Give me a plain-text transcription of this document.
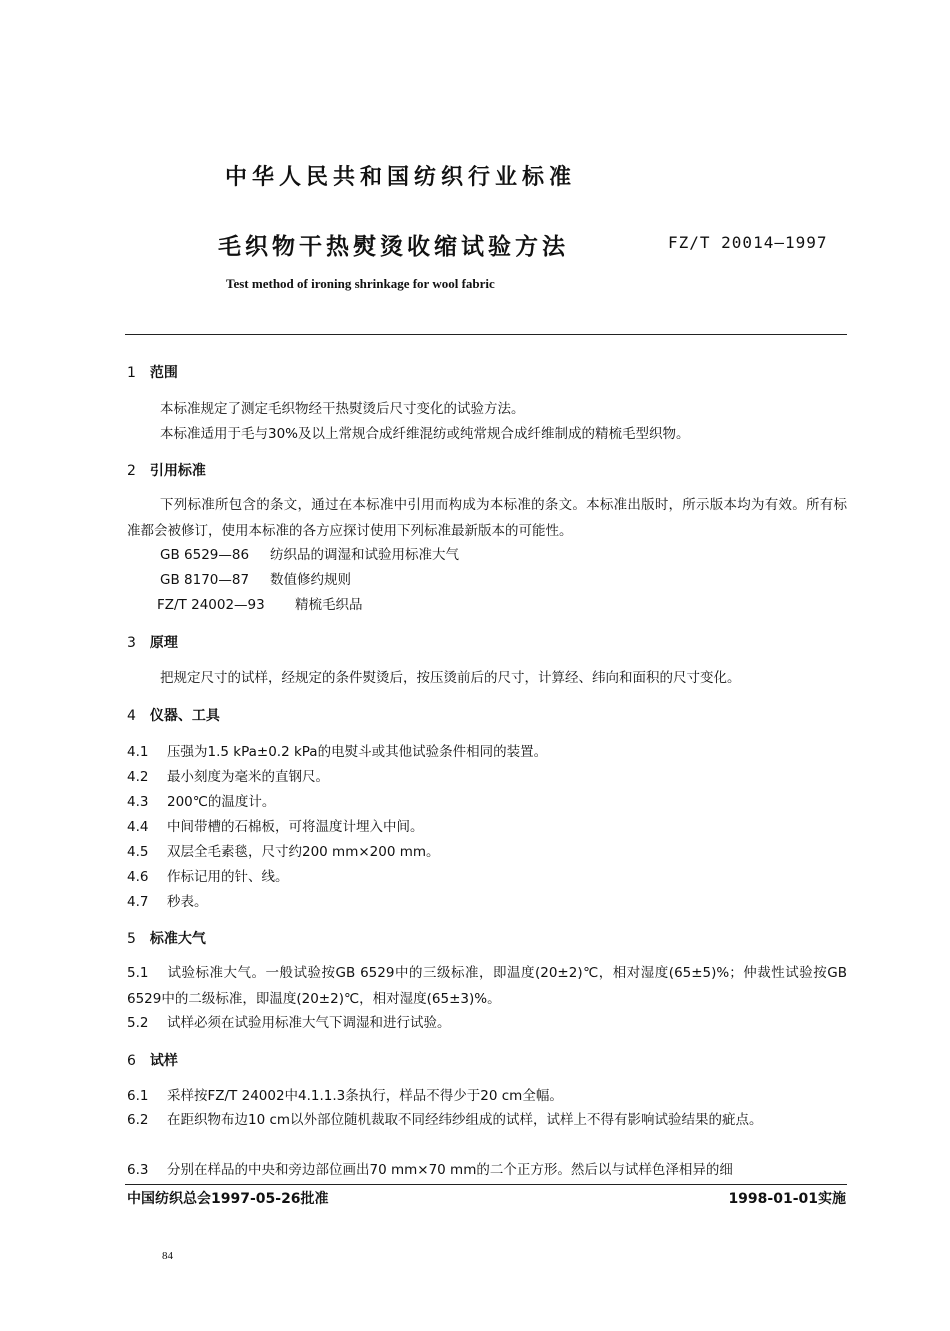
中华人民共和国纺织行业标准
毛织物干热熨烫收缩试验方法	FZ/T 20014—1997
Test method of ironing shrinkage for wool fabric
1 范围
本标准规定了测定毛织物经干热熨烫后尺寸变化的试验方法。
本标准适用于毛与30%及以上常规合成纤维混纺或纯常规合成纤维制成的精梳毛型织物。
2 引用标准
下列标准所包含的条文，通过在本标准中引用而构成为本标准的条文。本标准出版时，所示版本均为有效。所有标准都会被修订，使用本标准的各方应探讨使用下列标准最新版本的可能性。
GB 6529—86 纺织品的调湿和试验用标准大气
GB 8170—87 数值修约规则
FZ/T 24002—93 精梳毛织品
3 原理
把规定尺寸的试样，经规定的条件熨烫后，按压烫前后的尺寸，计算经、纬向和面积的尺寸变化。
4 仪器、工具
4.1 压强为1.5 kPa±0.2 kPa的电熨斗或其他试验条件相同的装置。
4.2 最小刻度为毫米的直钢尺。
4.3 200℃的温度计。
4.4 中间带槽的石棉板，可将温度计埋入中间。
4.5 双层全毛素毯，尺寸约200 mm×200 mm。
4.6 作标记用的针、线。
4.7 秒表。
5 标准大气
5.1 试验标准大气。一般试验按GB 6529中的三级标准，即温度(20±2)℃，相对湿度(65±5)%；仲裁性试验按GB 6529中的二级标准，即温度(20±2)℃，相对湿度(65±3)%。
5.2 试样必须在试验用标准大气下调湿和进行试验。
6 试样
6.1 采样按FZ/T 24002中4.1.1.3条执行，样品不得少于20 cm全幅。
6.2 在距织物布边10 cm以外部位随机裁取不同经纬纱组成的试样，试样上不得有影响试验结果的疵点。
6.3 分别在样品的中央和旁边部位画出70 mm×70 mm的二个正方形。然后以与试样色泽相异的细
中国纺织总会1997-05-26批准	1998-01-01实施
84
